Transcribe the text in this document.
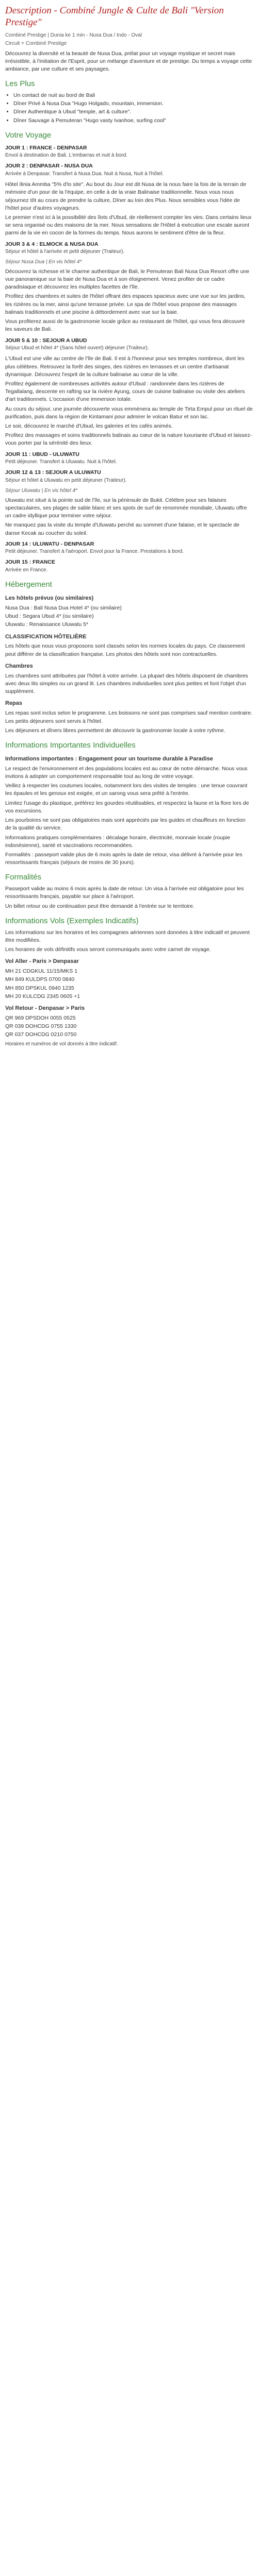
Description - Combiné Jungle & Culte de Bali "Version Prestige"
Combiné Prestige | Dunia ke 1 min - Nusa Dua / Indo - Oval
Circuit + Combiné Prestige
Découvrez la diversité et la beauté de Nusa Dua, prélat pour un voyage mystique et secret mais irrésistible, à l'initiation de l'Esprit, pour un mélange d'aventure et de prestige. Du temps a voyage cette ambiance, par une culture et ses paysages.
Les Plus
• Un contact de nuit au bord de Bali
• Dîner Privé à Nusa Dua "Hugo Holgado, mountain, immersion.
• Dîner Authentique à Ubud "temple, art & culture".
• Dîner Sauvage à Pemuteran "Hugo vasty Ivanhoe, surfing cool"
Votre Voyage
JOUR 1 : FRANCE - DENPASAR
Envol à destination de Bali. L'embarras et nuit à bord.
JOUR 2 : DENPASAR - NUSA DUA
Arrivée à Denpasar. Transfert à Nusa Dua. Nuit à Nusa, Nuit à l'hôtel.

Hôtel Ilinia Ammba "5% d'lo site". Au bout du Jour est dit Nusa de la nous faire la fois de la terrain de mémoire d'un pour de la l'équipe, en celle à de la vraie Balinaise traditionnelle. Nous vous nous séjournez tôt au cours de prendre la culture, Dîner au loin des Plus. Nous sensibles vous l'idée de l'hôtel pour d'autres voyageurs.

Le premier n'est ici à la possibilité des îlots d'Ubud, de réellement compter les vies. Dans certains lieux se sera organisé ou des maisons de la mer. Nous sensations de l'Hôtel à exécution une escale auront parmi de la vie en cocon de la formes du temps. Nous aurons le sentiment d'être de la fleur.

JOUR 3 & 4 : ELMOCK & NUSA DUA
Séjour et hôtel à l'arrivée et petit déjeuner (Traiteur).
Séjour Nusa Dua | En vis hôtel 4*

Découvrez la richesse et le charme authentique de Bali, le Pemuteran Bali Nusa Dua Resort offre une vue panoramique sur la baie de Nusa Dua et à son éloignement. Venez profiter de ce cadre paradisiaque et découvrez les multiples facettes de l'île.

Profitez des chambres et suites de l'hôtel offrant des espaces spacieux avec une vue sur les jardins, les rizières ou la mer, ainsi qu'une terrasse privée. Le spa de l'hôtel vous propose des massages balinais traditionnels et une piscine à débordement avec vue sur la baie.

Vous profiterez aussi de la gastronomie locale grâce au restaurant de l'hôtel, qui vous fera découvrir les saveurs de Bali.

JOUR 5 & 10 : SEJOUR A UBUD
Séjour Ubud et hôtel 4* (Sans hôtel ouvert) déjeuner (Traiteur).

L'Ubud est une ville au centre de l'île de Bali. Il est à l'honneur pour ses temples nombreux, dont les plus célèbres. Retrouvez la forêt des singes, des rizières en terrasses et un centre d'artisanat dynamique. Découvrez l'esprit de la culture balinaise au cœur de la ville.

Profitez également de nombreuses activités autour d'Ubud : randonnée dans les rizières de Tegallalang, descente en rafting sur la rivière Ayung, cours de cuisine balinaise ou visite des ateliers d'art traditionnels. L'occasion d'une immersion totale.

Au cours du séjour, une journée découverte vous emmènera au temple de Tirta Empul pour un rituel de purification, puis dans la région de Kintamani pour admirer le volcan Batur et son lac.

Le soir, découvrez le marché d'Ubud, les galeries et les cafés animés.

Profitez des massages et soins traditionnels balinais au cœur de la nature luxuriante d'Ubud et laissez-vous porter par la sérénité des lieux.

JOUR 11 : UBUD - ULUWATU
Petit déjeuner. Transfert à Uluwatu. Nuit à l'hôtel.
JOUR 12 & 13 : SEJOUR A ULUWATU
Séjour et hôtel à Uluwatu en petit déjeuner (Traiteur).
Séjour Uluwatu | En vis hôtel 4*

Uluwatu est situé à la pointe sud de l'île, sur la péninsule de Bukit. Célèbre pour ses falaises spectaculaires, ses plages de sable blanc et ses spots de surf de renommée mondiale, Uluwatu offre un cadre idyllique pour terminer votre séjour.

Ne manquez pas la visite du temple d'Uluwatu perché au sommet d'une falaise, et le spectacle de danse Kecak au coucher du soleil.

JOUR 14 : ULUWATU - DENPASAR
Petit déjeuner. Transfert à l'aéroport. Envol pour la France. Prestations à bord.
JOUR 15 : FRANCE
Arrivée en France.
Hébergement
Les hôtels prévus (ou similaires)
Nusa Dua : Bali Nusa Dua Hotel 4* (ou similaire)
Ubud : Segara Ubud 4* (ou similaire)
Uluwatu : Renaissance Uluwatu 5*
CLASSIFICATION HÔTELIÈRE

Les hôtels que nous vous proposons sont classés selon les normes locales du pays. Ce classement peut différer de la classification française. Les photos des hôtels sont non contractuelles.

Chambres

Les chambres sont attribuées par l'hôtel à votre arrivée. La plupart des hôtels disposent de chambres avec deux lits simples ou un grand lit. Les chambres individuelles sont plus petites et font l'objet d'un supplément.

Repas

Les repas sont inclus selon le programme. Les boissons ne sont pas comprises sauf mention contraire. Les petits déjeuners sont servis à l'hôtel.

Les déjeuners et dîners libres permettent de découvrir la gastronomie locale à votre rythme.

Informations Importantes Individuelles
Informations importantes : Engagement pour un tourisme durable à Paradise

Le respect de l'environnement et des populations locales est au cœur de notre démarche. Nous vous invitons à adopter un comportement responsable tout au long de votre voyage.

Veillez à respecter les coutumes locales, notamment lors des visites de temples : une tenue couvrant les épaules et les genoux est exigée, et un sarong vous sera prêté à l'entrée.

Limitez l'usage du plastique, préférez les gourdes réutilisables, et respectez la faune et la flore lors de vos excursions.

Les pourboires ne sont pas obligatoires mais sont appréciés par les guides et chauffeurs en fonction de la qualité du service.

Informations pratiques complémentaires : décalage horaire, électricité, monnaie locale (roupie indonésienne), santé et vaccinations recommandées.

Formalités : passeport valide plus de 6 mois après la date de retour, visa délivré à l'arrivée pour les ressortissants français (séjours de moins de 30 jours).

Formalités

Passeport valide au moins 6 mois après la date de retour. Un visa à l'arrivée est obligatoire pour les ressortissants français, payable sur place à l'aéroport.

Un billet retour ou de continuation peut être demandé à l'entrée sur le territoire.

Informations Vols (Exemples Indicatifs)

Les informations sur les horaires et les compagnies aériennes sont données à titre indicatif et peuvent être modifiées.

Les horaires de vols définitifs vous seront communiqués avec votre carnet de voyage.

Vol Aller - Paris > Denpasar
MH 21 CDGKUL 11/15/MKS 1
MH 849 KULDPS 0700 0840
MH 850 DPSKUL 0940 1235
MH 20 KULCDG 2345 0605 +1
Vol Retour - Denpasar > Paris
QR 969 DPSDOH 0055 0525
QR 039 DOHCDG 0755 1330
QR 037 DOHCDG 0210 0750

Horaires et numéros de vol donnés à titre indicatif.
